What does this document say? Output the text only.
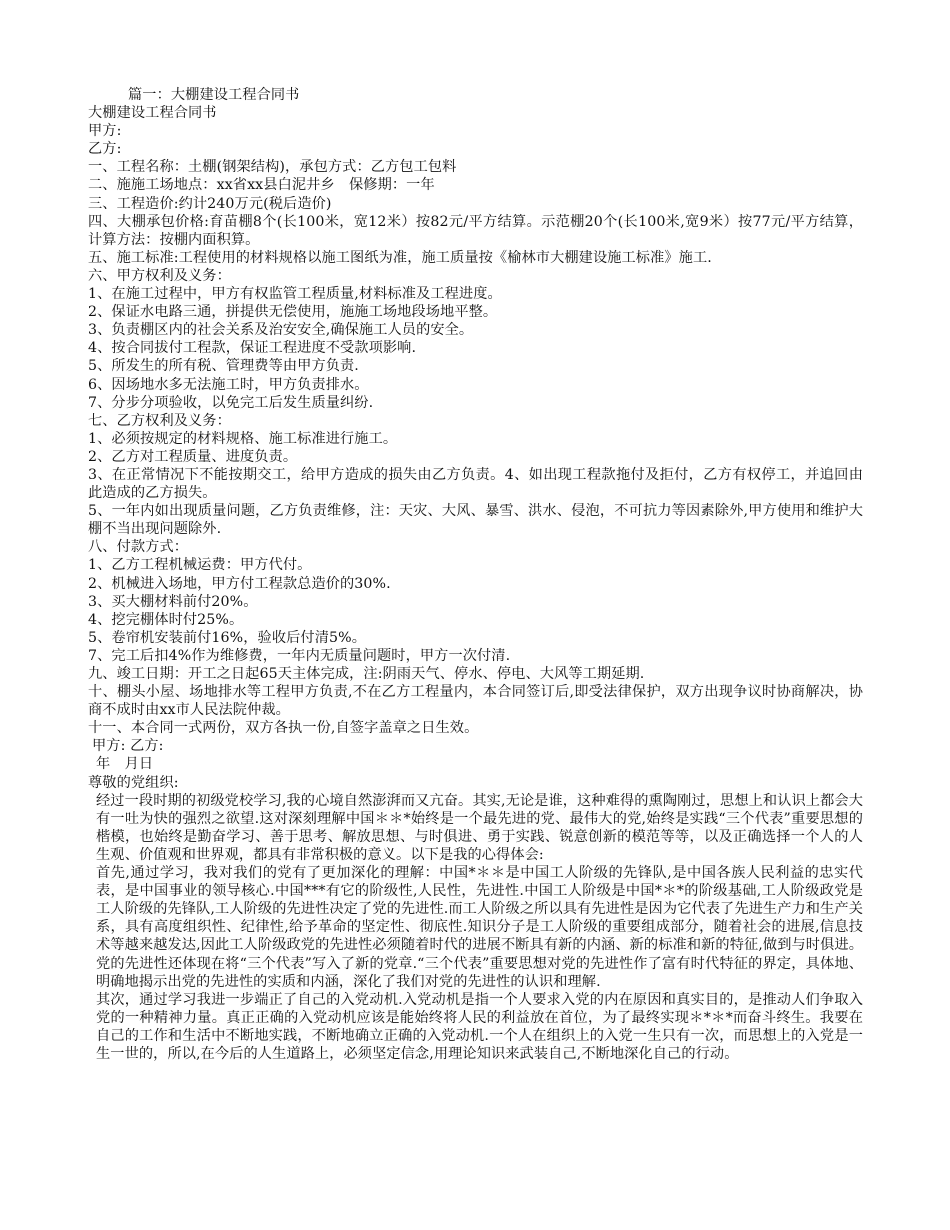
篇一：大棚建设工程合同书

大棚建设工程合同书

甲方:

乙方:

一、工程名称：土棚(钢架结构)，承包方式：乙方包工包料

二、施施工场地点：xx省xx县白泥井乡　保修期：一年

三、工程造价:约计240万元(税后造价)

四、大棚承包价格:育苗棚8个(长100米，宽12米）按82元/平方结算。示范棚20个(长100米,宽9米）按77元/平方结算，计算方法：按棚内面积算。

五、施工标准:工程使用的材料规格以施工图纸为准，施工质量按《榆林市大棚建设施工标准》施工.

六、甲方权利及义务：

1、在施工过程中，甲方有权监管工程质量,材料标准及工程进度。

2、保证水电路三通，拼提供无偿使用，施施工场地段场地平整。

3、负责棚区内的社会关系及治安安全,确保施工人员的安全。

4、按合同拔付工程款，保证工程进度不受款项影响.

5、所发生的所有税、管理费等由甲方负责.

6、因场地水多无法施工时，甲方负责排水。

7、分步分项验收，以免完工后发生质量纠纷.

七、乙方权利及义务：

1、必须按规定的材料规格、施工标准进行施工。

2、乙方对工程质量、进度负责。

3、在正常情况下不能按期交工，给甲方造成的损失由乙方负责。4、如出现工程款拖付及拒付，乙方有权停工，并追回由此造成的乙方损失。

5、一年内如出现质量问题，乙方负责维修，注：天灾、大风、暴雪、洪水、侵泡，不可抗力等因素除外,甲方使用和维护大棚不当出现问题除外.

八、付款方式：

1、乙方工程机械运费：甲方代付。

2、机械进入场地，甲方付工程款总造价的30%.

3、买大棚材料前付20%。

4、挖完棚体时付25%。

5、卷帘机安装前付16%，验收后付清5%。

7、完工后扣4%作为维修费，一年内无质量问题时，甲方一次付清.

九、竣工日期：开工之日起65天主体完成，注:阴雨天气、停水、停电、大风等工期延期.

十、棚头小屋、场地排水等工程甲方负责,不在乙方工程量内，本合同签订后,即受法律保护，双方出现争议时协商解决，协商不成时由xx市人民法院仲裁。

十一、本合同一式两份，双方各执一份,自签字盖章之日生效。

甲方: 乙方:

年　月日

尊敬的党组织:

经过一段时期的初级党校学习,我的心境自然澎湃而又亢奋。其实,无论是谁，这种难得的熏陶刚过，思想上和认识上都会大有一吐为快的强烈之欲望.这对深刻理解中国＊＊*始终是一个最先进的党、最伟大的党,始终是实践“三个代表”重要思想的 楷模，也始终是勤奋学习、善于思考、解放思想、与时俱进、勇于实践、锐意创新的模范等等，以及正确选择一个人的人生观、价值观和世界观，都具有非常积极的意义。以下是我的心得体会:

首先,通过学习，我对我们的党有了更加深化的理解：中国*＊＊是中国工人阶级的先锋队,是中国各族人民利益的忠实代表，是中国事业的领导核心.中国***有它的阶级性,人民性，先进性.中国工人阶级是中国*＊*的阶级基础,工人阶级政党是工人阶级的先锋队,工人阶级的先进性决定了党的先进性.而工人阶级之所以具有先进性是因为它代表了先进生产力和生产关系，具有高度组织性、纪律性,给予革命的坚定性、彻底性.知识分子是工人阶级的重要组成部分，随着社会的进展,信息技术等越来越发达,因此工人阶级政党的先进性必须随着时代的进展不断具有新的内涵、新的标准和新的特征,做到与时俱进。党的先进性还体现在将“三个代表”写入了新的党章.“三个代表”重要思想对党的先进性作了富有时代特征的界定，具体地、明确地揭示出党的先进性的实质和内涵，深化了我们对党的先进性的认识和理解.

其次，通过学习我进一步端正了自己的入党动机.入党动机是指一个人要求入党的内在原因和真实目的，是推动人们争取入党的一种精神力量。真正正确的入党动机应该是能始终将人民的利益放在首位，为了最终实现＊*＊*而奋斗终生。我要在自己的工作和生活中不断地实践，不断地确立正确的入党动机.一个人在组织上的入党一生只有一次，而思想上的入党是一生一世的，所以,在今后的人生道路上，必须坚定信念,用理论知识来武装自己,不断地深化自己的行动。
